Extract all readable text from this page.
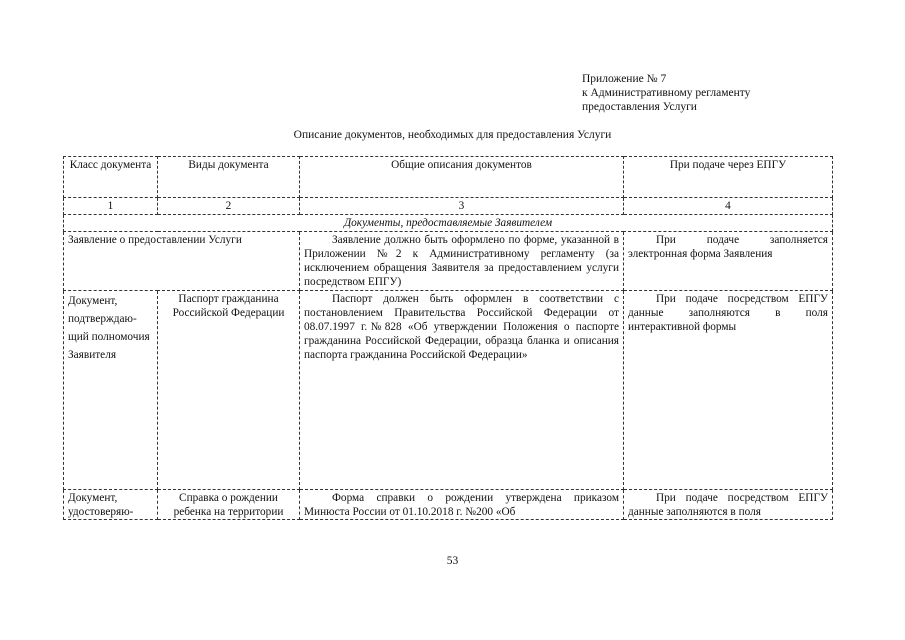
Приложение № 7
к Административному регламенту
предоставления Услуги
Описание документов, необходимых для предоставления Услуги
Класс документа	Виды документа	Общие описания документов	При подаче через ЕПГУ
1	2	3	4
Документы, предоставляемые Заявителем			
Заявление о предоставлении Услуги		Заявление должно быть оформлено по форме, указанной в Приложении №2 к Административному регламенту (за исключением обращения Заявителя за предоставлением услуги посредством ЕПГУ)	При подаче заполняется электронная форма Заявления
Документ, подтверждаю-щий полномочия Заявителя	Паспорт гражданина Российской Федерации	Паспорт должен быть оформлен в соответствии с постановлением Правительства Российской Федерации от 08.07.1997 г.№828 «Об утверждении Положения о паспорте гражданина Российской Федерации, образца бланка и описания паспорта гражданина Российской Федерации»	При подаче посредством ЕПГУ данные заполняются в поля интерактивной формы

Документ, удостоверяю-	Справка о рождении ребенка на территории	Форма справки о рождении утверждена приказом Минюста России от 01.10.2018 г. №200 «Об	При подаче посредством ЕПГУ данные заполняются в поля
53
